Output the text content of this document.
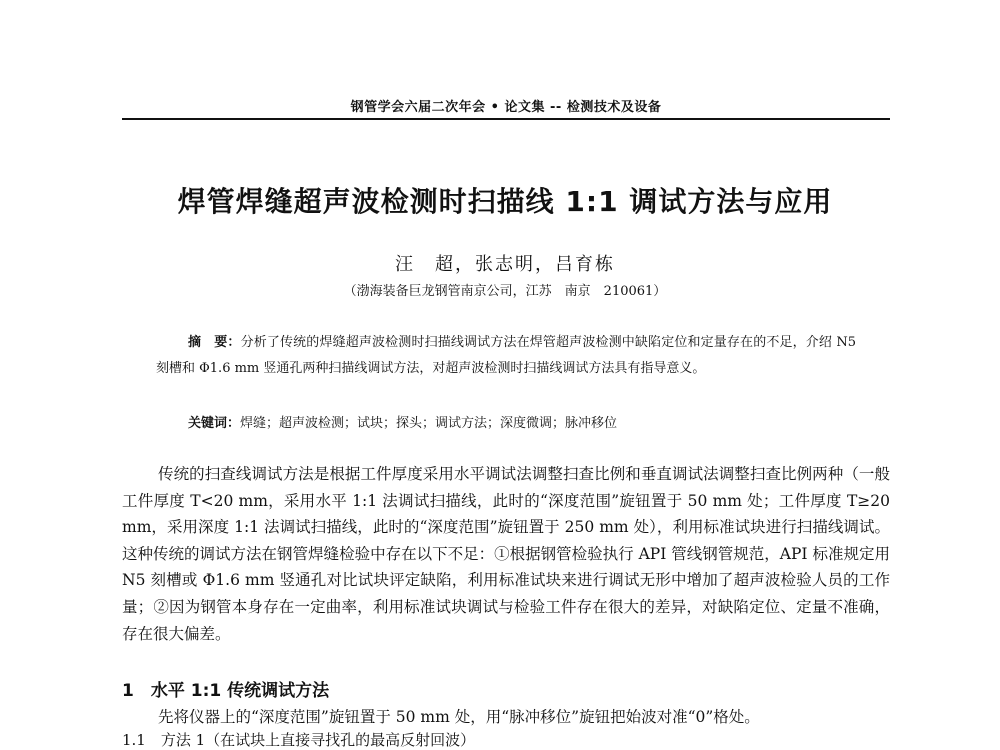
钢管学会六届二次年会 • 论文集 -- 检测技术及设备
焊管焊缝超声波检测时扫描线 1:1 调试方法与应用
汪　超，张志明，吕育栋
（渤海装备巨龙钢管南京公司，江苏　南京　210061）
摘　要：分析了传统的焊缝超声波检测时扫描线调试方法在焊管超声波检测中缺陷定位和定量存在的不足，介绍 N5 刻槽和 Φ1.6 mm 竖通孔两种扫描线调试方法，对超声波检测时扫描线调试方法具有指导意义。
关键词：焊缝；超声波检测；试块；探头；调试方法；深度微调；脉冲移位
传统的扫查线调试方法是根据工件厚度采用水平调试法调整扫查比例和垂直调试法调整扫查比例两种（一般工件厚度 T<20 mm，采用水平 1:1 法调试扫描线，此时的“深度范围”旋钮置于 50 mm 处；工件厚度 T≥20 mm，采用深度 1:1 法调试扫描线，此时的“深度范围”旋钮置于 250 mm 处），利用标准试块进行扫描线调试。这种传统的调试方法在钢管焊缝检验中存在以下不足：①根据钢管检验执行 API 管线钢管规范，API 标准规定用 N5 刻槽或 Φ1.6 mm 竖通孔对比试块评定缺陷，利用标准试块来进行调试无形中增加了超声波检验人员的工作量；②因为钢管本身存在一定曲率，利用标准试块调试与检验工件存在很大的差异，对缺陷定位、定量不准确，存在很大偏差。
1　水平 1:1 传统调试方法
先将仪器上的“深度范围”旋钮置于 50 mm 处，用“脉冲移位”旋钮把始波对准“0”格处。
1.1　方法 1（在试块上直接寻找孔的最高反射回波）
